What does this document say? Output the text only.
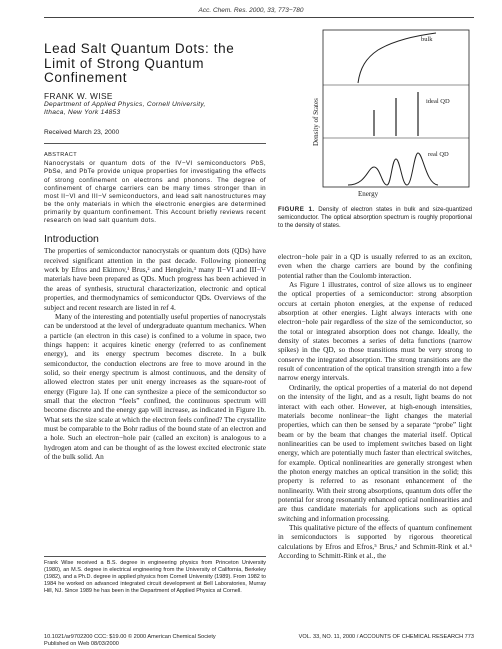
Acc. Chem. Res. 2000, 33, 773−780
Lead Salt Quantum Dots: the Limit of Strong Quantum Confinement
FRANK W. WISE
Department of Applied Physics, Cornell University,
Ithaca, New York 14853
Received March 23, 2000
ABSTRACT

Nanocrystals or quantum dots of the IV−VI semiconductors PbS, PbSe, and PbTe provide unique properties for investigating the effects of strong confinement on electrons and phonons. The degree of confinement of charge carriers can be many times stronger than in most II−VI and III−V semiconductors, and lead salt nanostructures may be the only materials in which the electronic energies are determined primarily by quantum confinement. This Account briefly reviews recent research on lead salt quantum dots.

Introduction

The properties of semiconductor nanocrystals or quantum dots (QDs) have received significant attention in the past decade. Following pioneering work by Efros and Ekimov,¹ Brus,² and Henglein,³ many II−VI and III−V materials have been prepared as QDs. Much progress has been achieved in the areas of synthesis, structural characterization, electronic and optical properties, and thermodynamics of semiconductor QDs. Overviews of the subject and recent research are listed in ref 4.

Many of the interesting and potentially useful properties of nanocrystals can be understood at the level of undergraduate quantum mechanics. When a particle (an electron in this case) is confined to a volume in space, two things happen: it acquires kinetic energy (referred to as confinement energy), and its energy spectrum becomes discrete. In a bulk semiconductor, the conduction electrons are free to move around in the solid, so their energy spectrum is almost continuous, and the density of allowed electron states per unit energy increases as the square-root of energy (Figure 1a). If one can synthesize a piece of the semiconductor so small that the electron “feels” confined, the continuous spectrum will become discrete and the energy gap will increase, as indicated in Figure 1b. What sets the size scale at which the electron feels confined? The crystallite must be comparable to the Bohr radius of the bound state of an electron and a hole. Such an electron−hole pair (called an exciton) is analogous to a hydrogen atom and can be thought of as the lowest excited electronic state of the bulk solid. An

Frank Wise received a B.S. degree in engineering physics from Princeton University (1980), an M.S. degree in electrical engineering from the University of California, Berkeley (1982), and a Ph.D. degree in applied physics from Cornell University (1989). From 1982 to 1984 he worked on advanced integrated circuit development at Bell Laboratories, Murray Hill, NJ. Since 1989 he has been in the Department of Applied Physics at Cornell.
bulk
ideal QD
real QD
Energy
Density of States
FIGURE 1. Density of electron states in bulk and size-quantized semiconductor. The optical absorption spectrum is roughly proportional to the density of states.

electron−hole pair in a QD is usually referred to as an exciton, even when the charge carriers are bound by the confining potential rather than the Coulomb interaction.

As Figure 1 illustrates, control of size allows us to engineer the optical properties of a semiconductor: strong absorption occurs at certain photon energies, at the expense of reduced absorption at other energies. Light always interacts with one electron−hole pair regardless of the size of the semiconductor, so the total or integrated absorption does not change. Ideally, the density of states becomes a series of delta functions (narrow spikes) in the QD, so those transitions must be very strong to conserve the integrated absorption. The strong transitions are the result of concentration of the optical transition strength into a few narrow energy intervals.

Ordinarily, the optical properties of a material do not depend on the intensity of the light, and as a result, light beams do not interact with each other. However, at high-enough intensities, materials become nonlinear−the light changes the material properties, which can then be sensed by a separate “probe” light beam or by the beam that changes the material itself. Optical nonlinearities can be used to implement switches based on light energy, which are potentially much faster than electrical switches, for example. Optical nonlinearities are generally strongest when the photon energy matches an optical transition in the solid; this property is referred to as resonant enhancement of the nonlinearity. With their strong absorptions, quantum dots offer the potential for strong resonantly enhanced optical nonlinearities and are thus candidate materials for applications such as optical switching and information processing.

This qualitative picture of the effects of quantum confinement in semiconductors is supported by rigorous theoretical calculations by Efros and Efros,⁵ Brus,² and Schmitt-Rink et al.⁶ According to Schmitt-Rink et al., the

10.1021/ar9702200 CCC: $19.00 © 2000 American Chemical Society
Published on Web 08/03/2000
VOL. 33, NO. 11, 2000 / ACCOUNTS OF CHEMICAL RESEARCH 773
